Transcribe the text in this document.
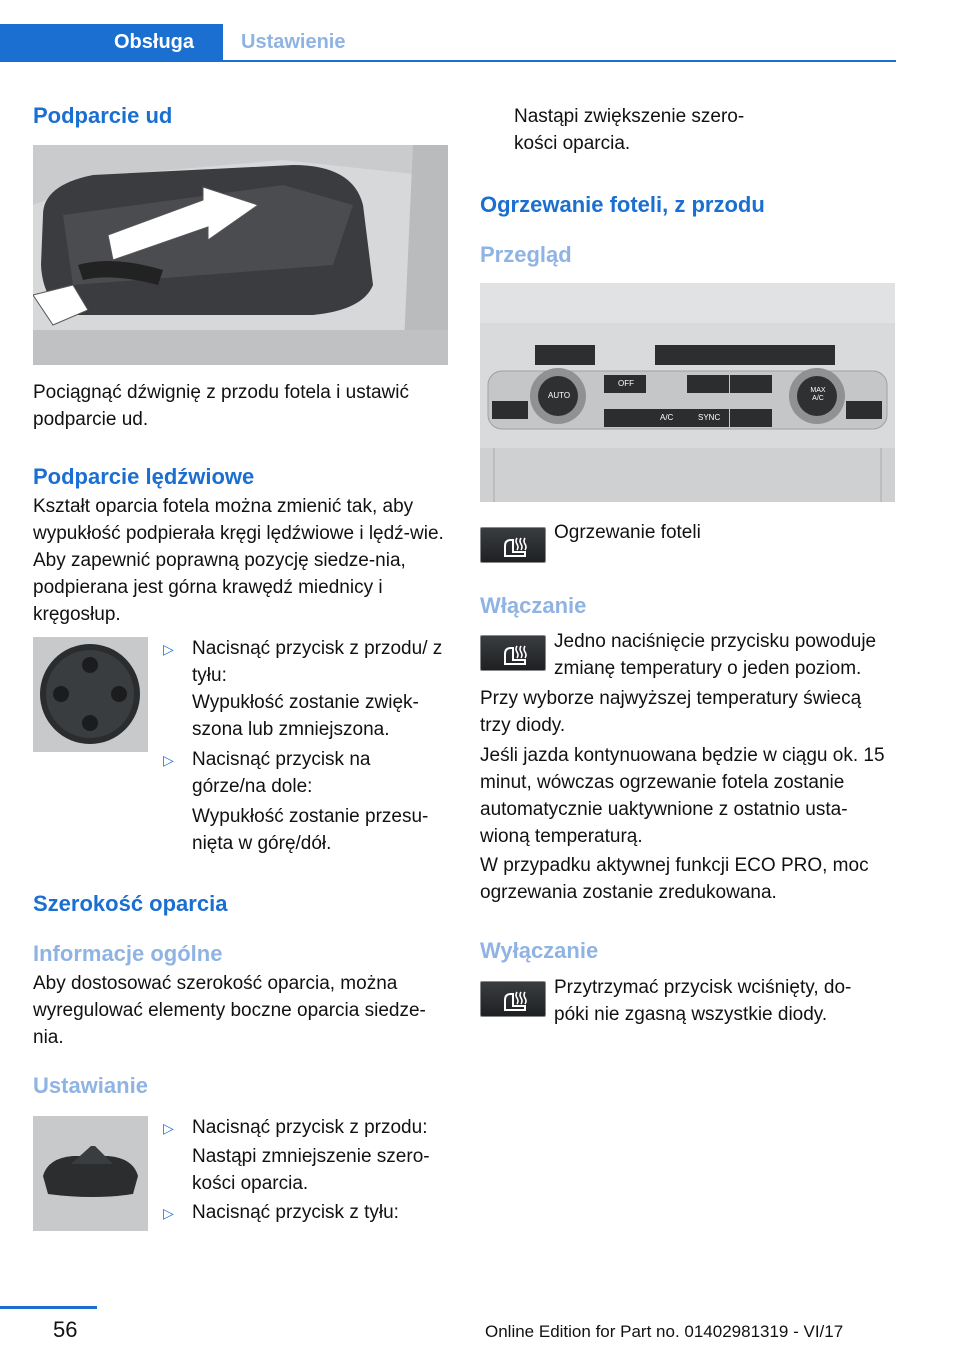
Obsługa	Ustawienie
Podparcie ud
Pociągnąć dźwignię z przodu fotela i ustawić podparcie ud.
Podparcie lędźwiowe
Kształt oparcia fotela można zmienić tak, aby wypukłość podpierała kręgi lędźwiowe i lędź-wie. Aby zapewnić poprawną pozycję siedze-nia, podpierana jest górna krawędź miednicy i kręgosłup.
▷ Nacisnąć przycisk z przodu/ z tyłu:
Wypukłość zostanie zwięk-szona lub zmniejszona.
▷ Nacisnąć przycisk na górze/na dole:
Wypukłość zostanie przesu-nięta w górę/dół.
Szerokość oparcia
Informacje ogólne
Aby dostosować szerokość oparcia, można wyregulować elementy boczne oparcia siedze-nia.
Ustawianie
▷ Nacisnąć przycisk z przodu:
Nastąpi zmniejszenie szero-kości oparcia.
▷ Nacisnąć przycisk z tyłu:
Nastąpi zwiększenie szero-kości oparcia.
Ogrzewanie foteli, z przodu
Przegląd
AUTO
OFF
A/C	SYNC
MAX A/C
Ogrzewanie foteli
Włączanie
Jedno naciśnięcie przycisku powoduje zmianę temperatury o jeden poziom.
Przy wyborze najwyższej temperatury świecą trzy diody.
Jeśli jazda kontynuowana będzie w ciągu ok. 15 minut, wówczas ogrzewanie fotela zostanie automatycznie uaktywnione z ostatnio usta-wioną temperaturą.
W przypadku aktywnej funkcji ECO PRO, moc ogrzewania zostanie zredukowana.
Wyłączanie
Przytrzymać przycisk wciśnięty, do-póki nie zgasną wszystkie diody.
56	Online Edition for Part no. 01402981319 - VI/17
